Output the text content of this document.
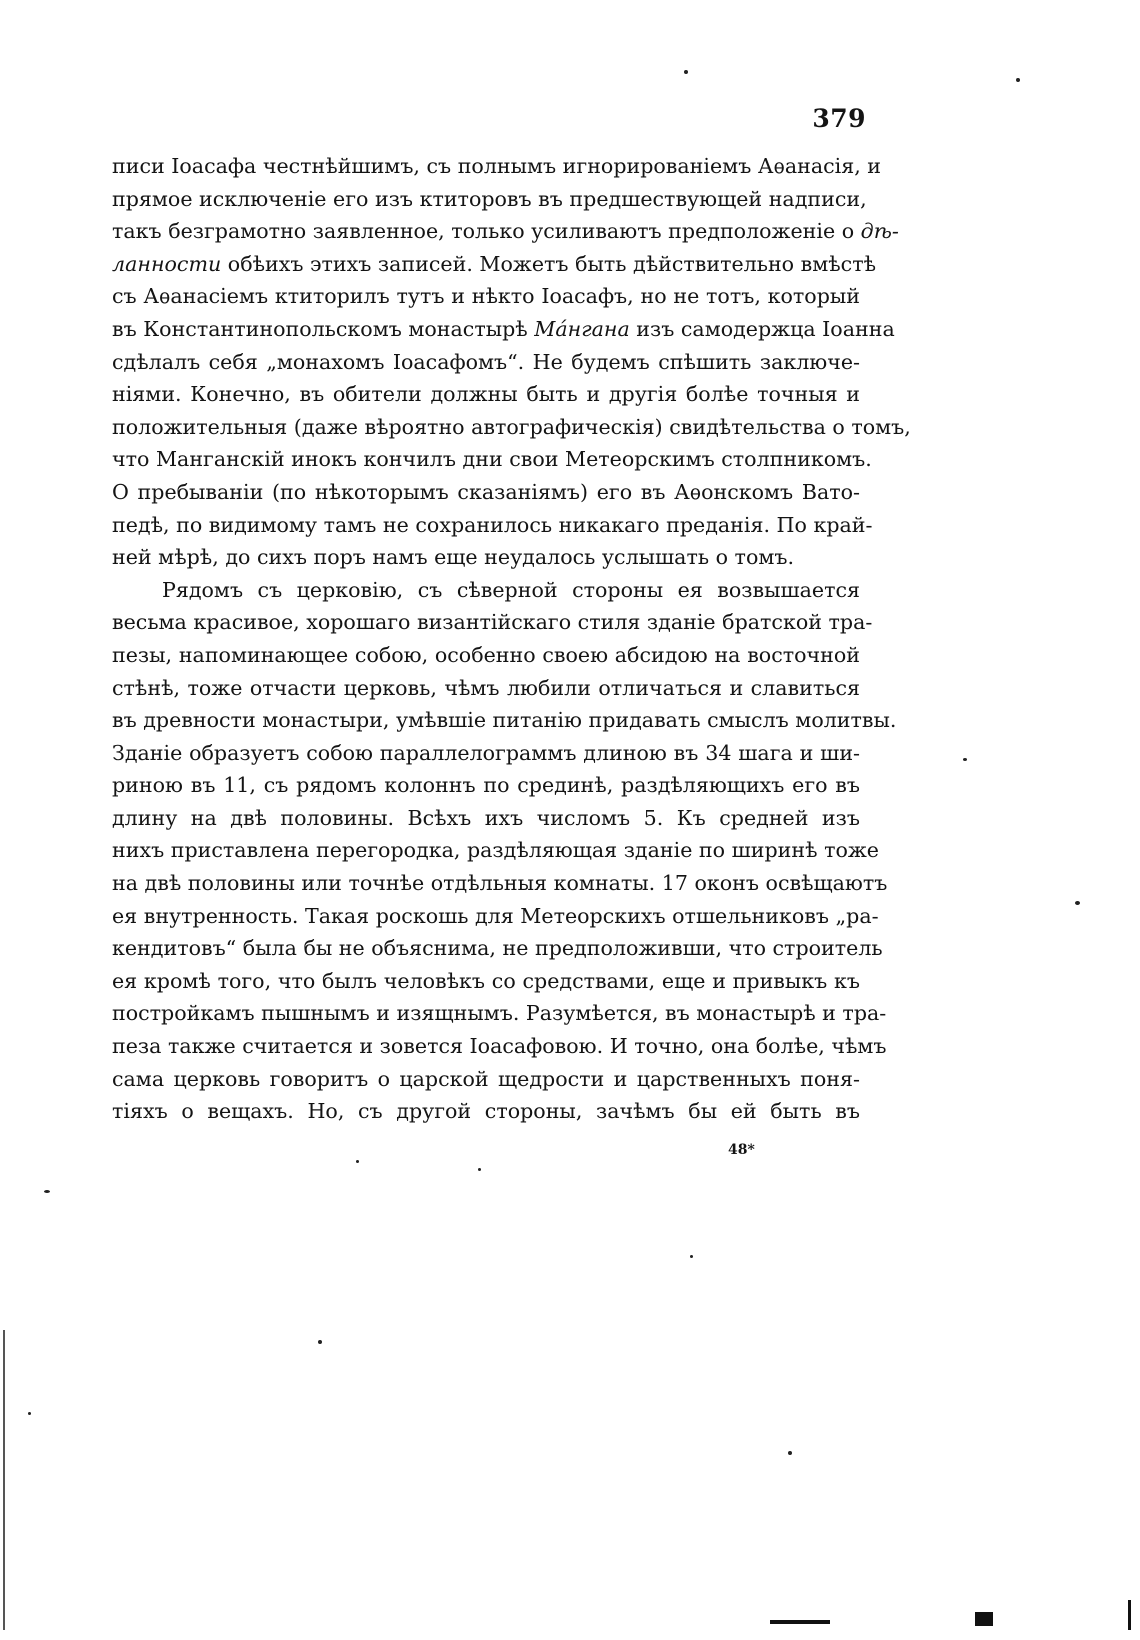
379
писи Іоасафа честнѣйшимъ, съ полнымъ игнорированіемъ Аѳанасія, и
прямое исключеніе его изъ ктиторовъ въ предшествующей надписи,
такъ безграмотно заявленное, только усиливаютъ предположеніе о дѣ-
ланности обѣихъ этихъ записей. Можетъ быть дѣйствительно вмѣстѣ
съ Аѳанасіемъ ктиторилъ тутъ и нѣкто Іоасафъ, но не тотъ, который
въ Константинопольскомъ монастырѣ Мáнгана изъ самодержца Іоанна
сдѣлалъ себя „монахомъ Іоасафомъ“. Не будемъ спѣшить заключе-
ніями. Конечно, въ обители должны быть и другія болѣе точныя и
положительныя (даже вѣроятно автографическія) свидѣтельства о томъ,
что Манганскій инокъ кончилъ дни свои Метеорскимъ столпникомъ.
О пребываніи (по нѣкоторымъ сказаніямъ) его въ Аѳонскомъ Вато-
педѣ, по видимому тамъ не сохранилось никакаго преданія. По край-
ней мѣрѣ, до сихъ поръ намъ еще неудалось услышать о томъ.
Рядомъ съ церковію, съ сѣверной стороны ея возвышается
весьма красивое, хорошаго византійскаго стиля зданіе братской тра-
пезы, напоминающее собою, особенно своею абсидою на восточной
стѣнѣ, тоже отчасти церковь, чѣмъ любили отличаться и славиться
въ древности монастыри, умѣвшіе питанію придавать смыслъ молитвы.
Зданіе образуетъ собою параллелограммъ длиною въ 34 шага и ши-
риною въ 11, съ рядомъ колоннъ по срединѣ, раздѣляющихъ его въ
длину на двѣ половины. Всѣхъ ихъ числомъ 5. Къ средней изъ
нихъ приставлена перегородка, раздѣляющая зданіе по ширинѣ тоже
на двѣ половины или точнѣе отдѣльныя комнаты. 17 оконъ освѣщаютъ
ея внутренность. Такая роскошь для Метеорскихъ отшельниковъ „ра-
кендитовъ“ была бы не объяснима, не предположивши, что строитель
ея кромѣ того, что былъ человѣкъ со средствами, еще и привыкъ къ
постройкамъ пышнымъ и изящнымъ. Разумѣется, въ монастырѣ и тра-
пеза также считается и зовется Іоасафовою. И точно, она болѣе, чѣмъ
сама церковь говоритъ о царской щедрости и царственныхъ поня-
тіяхъ о вещахъ. Но, съ другой стороны, зачѣмъ бы ей быть въ
48*
